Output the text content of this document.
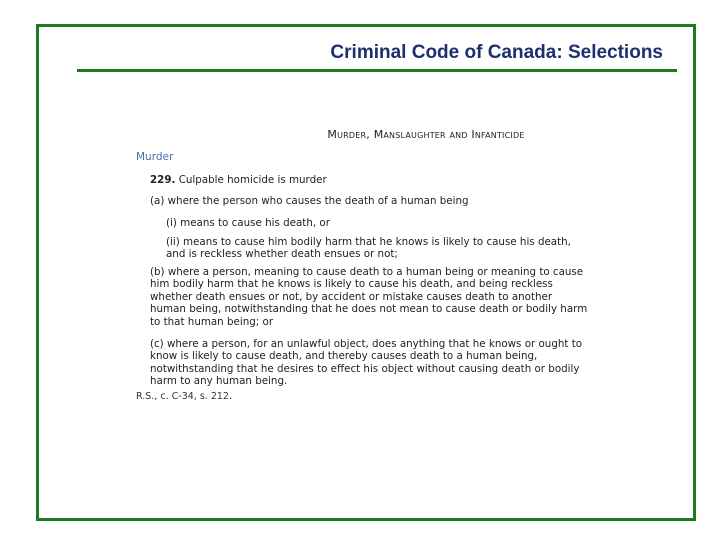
Criminal Code of Canada: Selections
Murder, Manslaughter and Infanticide
Murder
229. Culpable homicide is murder

(a) where the person who causes the death of a human being

(i) means to cause his death, or

(ii) means to cause him bodily harm that he knows is likely to cause his death, and is reckless whether death ensues or not;

(b) where a person, meaning to cause death to a human being or meaning to cause him bodily harm that he knows is likely to cause his death, and being reckless whether death ensues or not, by accident or mistake causes death to another human being, notwithstanding that he does not mean to cause death or bodily harm to that human being; or

(c) where a person, for an unlawful object, does anything that he knows or ought to know is likely to cause death, and thereby causes death to a human being, notwithstanding that he desires to effect his object without causing death or bodily harm to any human being.

R.S., c. C-34, s. 212.
